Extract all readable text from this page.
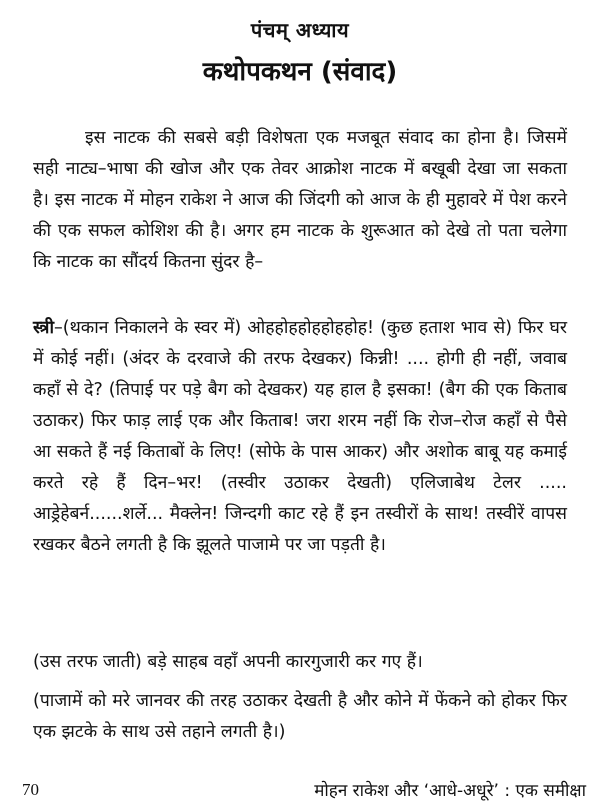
पंचम् अध्याय
कथोपकथन (संवाद)

इस नाटक की सबसे बड़ी विशेषता एक मजबूत संवाद का होना है। जिसमें सही नाट्य–भाषा की खोज और एक तेवर आक्रोश नाटक में बखूबी देखा जा सकता है। इस नाटक में मोहन राकेश ने आज की जिंदगी को आज के ही मुहावरे में पेश करने की एक सफल कोशिश की है। अगर हम नाटक के शुरूआत को देखे तो पता चलेगा कि नाटक का सौंदर्य कितना सुंदर है–

स्त्री–(थकान निकालने के स्वर में) ओहहोहहोहहोहहोह! (कुछ हताश भाव से) फिर घर में कोई नहीं। (अंदर के दरवाजे की तरफ देखकर) किन्नी! .... होगी ही नहीं, जवाब कहाँ से दे? (तिपाई पर पड़े बैग को देखकर) यह हाल है इसका! (बैग की एक किताब उठाकर) फिर फाड़ लाई एक और किताब! जरा शरम नहीं कि रोज–रोज कहाँ से पैसे आ सकते हैं नई किताबों के लिए! (सोफे के पास आकर) और अशोक बाबू यह कमाई करते रहे हैं दिन–भर! (तस्वीर उठाकर देखती) एलिजाबेथ टेलर ..... आड्रेहेबर्न......शर्ले... मैक्लेन! जिन्दगी काट रहे हैं इन तस्वीरों के साथ! तस्वीरें वापस रखकर बैठने लगती है कि झूलते पाजामे पर जा पड़ती है।

(उस तरफ जाती) बड़े साहब वहाँ अपनी कारगुजारी कर गए हैं।

(पाजामें को मरे जानवर की तरह उठाकर देखती है और कोने में फेंकने को होकर फिर एक झटके के साथ उसे तहाने लगती है।)

70	मोहन राकेश और ‘आधे-अधूरे’ : एक समीक्षा
